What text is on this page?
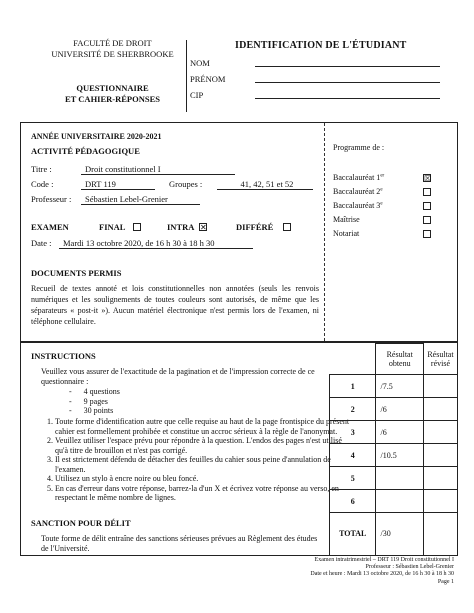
FACULTÉ DE DROIT
UNIVERSITÉ DE SHERBROOKE
QUESTIONNAIRE
ET CAHIER-RÉPONSES
IDENTIFICATION DE L'ÉTUDIANT
NOM
PRÉNOM
CIP
ANNÉE UNIVERSITAIRE 2020-2021
ACTIVITÉ PÉDAGOGIQUE
Titre :	Droit constitutionnel I
Code :	DRT 119	Groupes :	41, 42, 51 et 52
Professeur :	Sébastien Lebel-Grenier
EXAMEN	FINAL	INTRA ✕	DIFFÉRÉ
Date :	Mardi 13 octobre 2020, de 16 h 30 à 18 h 30
DOCUMENTS PERMIS
Recueil de textes annoté et lois constitutionnelles non annotées (seuls les renvois numériques et les soulignements de toutes couleurs sont autorisés, de même que les séparateurs « post-it »). Aucun matériel électronique n'est permis lors de l'examen, ni téléphone cellulaire.
Programme de :
Baccalauréat 1er	☒
Baccalauréat 2e
Baccalauréat 3e
Maîtrise
Notariat
INSTRUCTIONS
Veuillez vous assurer de l'exactitude de la pagination et de l'impression correcte de ce questionnaire :
-      4 questions
-      9 pages
-      30 points
1. Toute forme d'identification autre que celle requise au haut de la page frontispice du présent cahier est formellement prohibée et constitue un accroc sérieux à la règle de l'anonymat.
2. Veuillez utiliser l'espace prévu pour répondre à la question. L'endos des pages n'est utilisé qu'à titre de brouillon et n'est pas corrigé.
3. Il est strictement défendu de détacher des feuilles du cahier sous peine d'annulation de l'examen.
4. Utilisez un stylo à encre noire ou bleu foncé.
5. En cas d'erreur dans votre réponse, barrez-la d'un X et écrivez votre réponse au verso, en respectant le même nombre de lignes.
SANCTION POUR DÉLIT
Toute forme de délit entraîne des sanctions sérieuses prévues au Règlement des études de l'Université.
	Résultat obtenu	Résultat révisé
1	/7.5	
2	/6	
3	/6	
4	/10.5	
5		
6		
TOTAL	/30	
Examen intratrimestriel – DRT 119 Droit constitutionnel I
Professeur : Sébastien Lebel-Grenier
Date et heure : Mardi 13 octobre 2020, de 16 h 30 à 18 h 30
Page 1
